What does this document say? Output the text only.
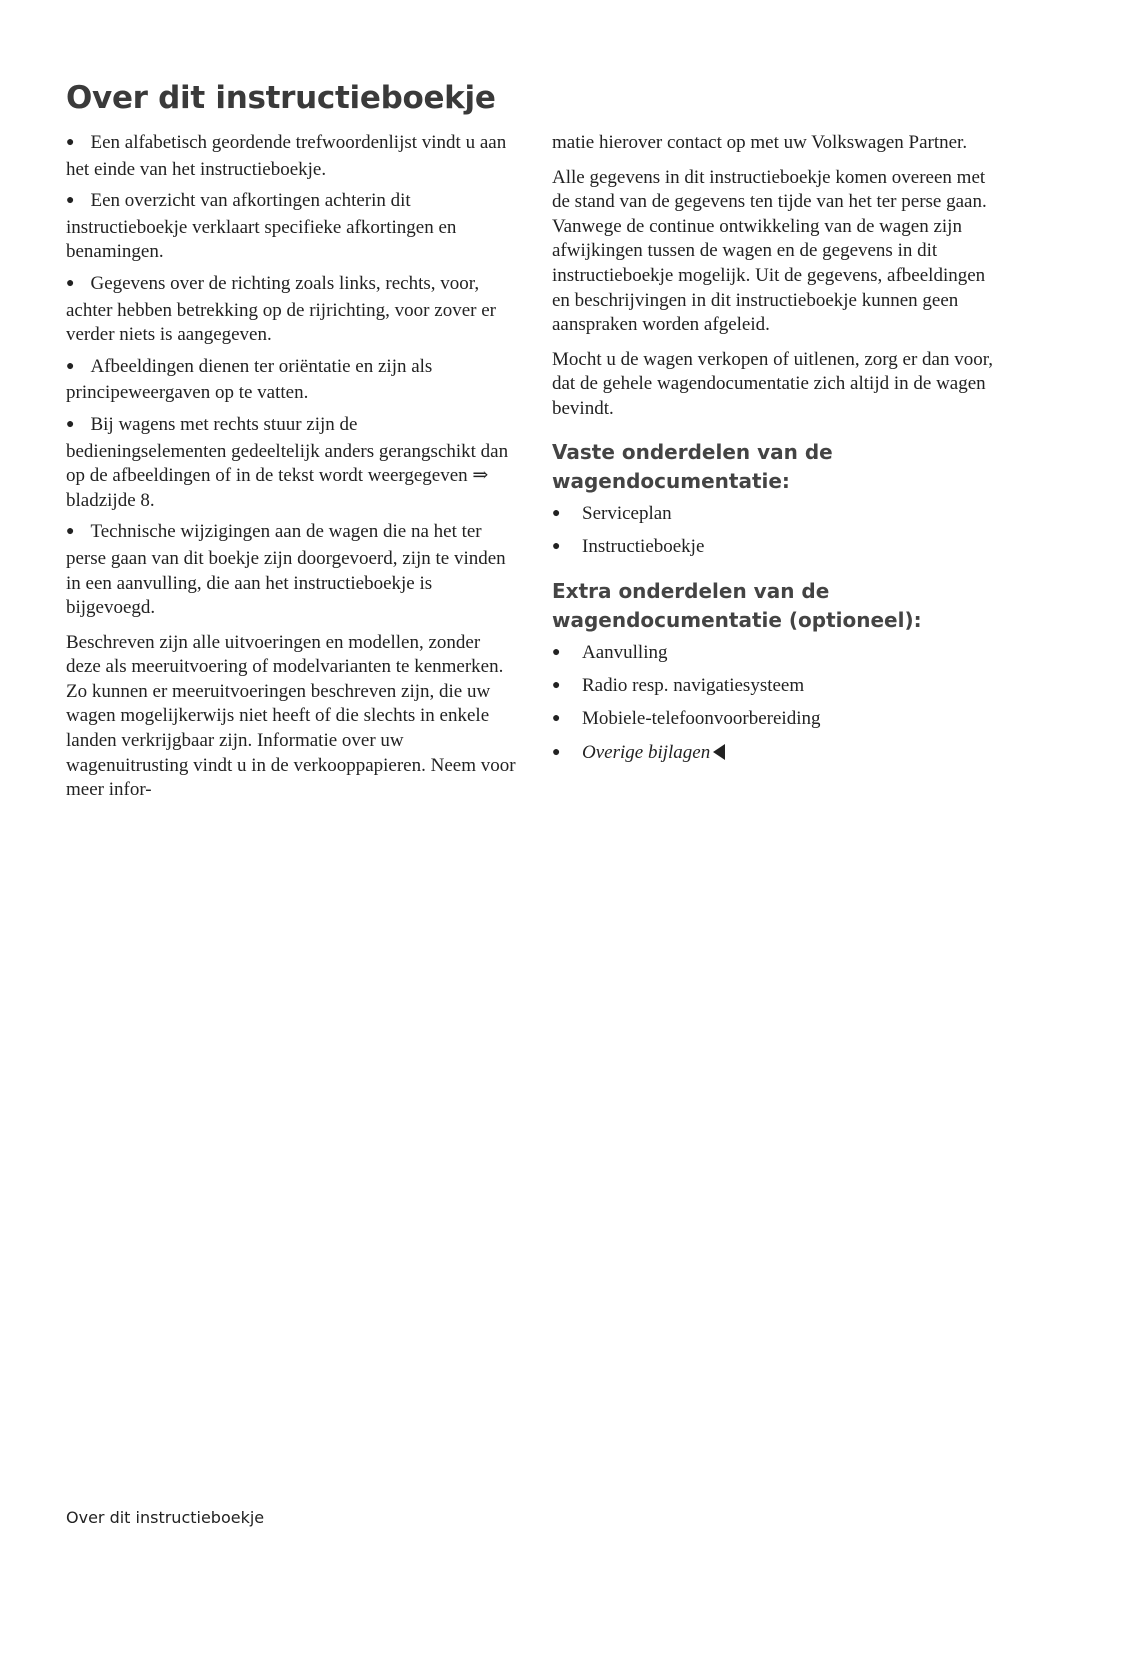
Over dit instructieboekje

● Een alfabetisch geordende trefwoordenlijst vindt u aan het einde van het instructieboekje.

● Een overzicht van afkortingen achterin dit instructieboekje verklaart specifieke afkortingen en benamingen.

● Gegevens over de richting zoals links, rechts, voor, achter hebben betrekking op de rijrichting, voor zover er verder niets is aangegeven.

● Afbeeldingen dienen ter oriëntatie en zijn als principeweergaven op te vatten.

● Bij wagens met rechts stuur zijn de bedieningselementen gedeeltelijk anders gerangschikt dan op de afbeeldingen of in de tekst wordt weergegeven ⇒ bladzijde 8.

● Technische wijzigingen aan de wagen die na het ter perse gaan van dit boekje zijn doorgevoerd, zijn te vinden in een aanvulling, die aan het instructieboekje is bijgevoegd.

Beschreven zijn alle uitvoeringen en modellen, zonder deze als meeruitvoering of modelvarianten te kenmerken. Zo kunnen er meeruitvoeringen beschreven zijn, die uw wagen mogelijkerwijs niet heeft of die slechts in enkele landen verkrijgbaar zijn. Informatie over uw wagenuitrusting vindt u in de verkooppapieren. Neem voor meer infor-

matie hierover contact op met uw Volkswagen Partner.

Alle gegevens in dit instructieboekje komen overeen met de stand van de gegevens ten tijde van het ter perse gaan. Vanwege de continue ontwikkeling van de wagen zijn afwijkingen tussen de wagen en de gegevens in dit instructieboekje mogelijk. Uit de gegevens, afbeeldingen en beschrijvingen in dit instructieboekje kunnen geen aanspraken worden afgeleid.

Mocht u de wagen verkopen of uitlenen, zorg er dan voor, dat de gehele wagendocumentatie zich altijd in de wagen bevindt.

Vaste onderdelen van de wagendocumentatie:
● Serviceplan
● Instructieboekje
Extra onderdelen van de wagendocumentatie (optioneel):
● Aanvulling
● Radio resp. navigatiesysteem
● Mobiele-telefoonvoorbereiding
● Overige bijlagen
Over dit instructieboekje
